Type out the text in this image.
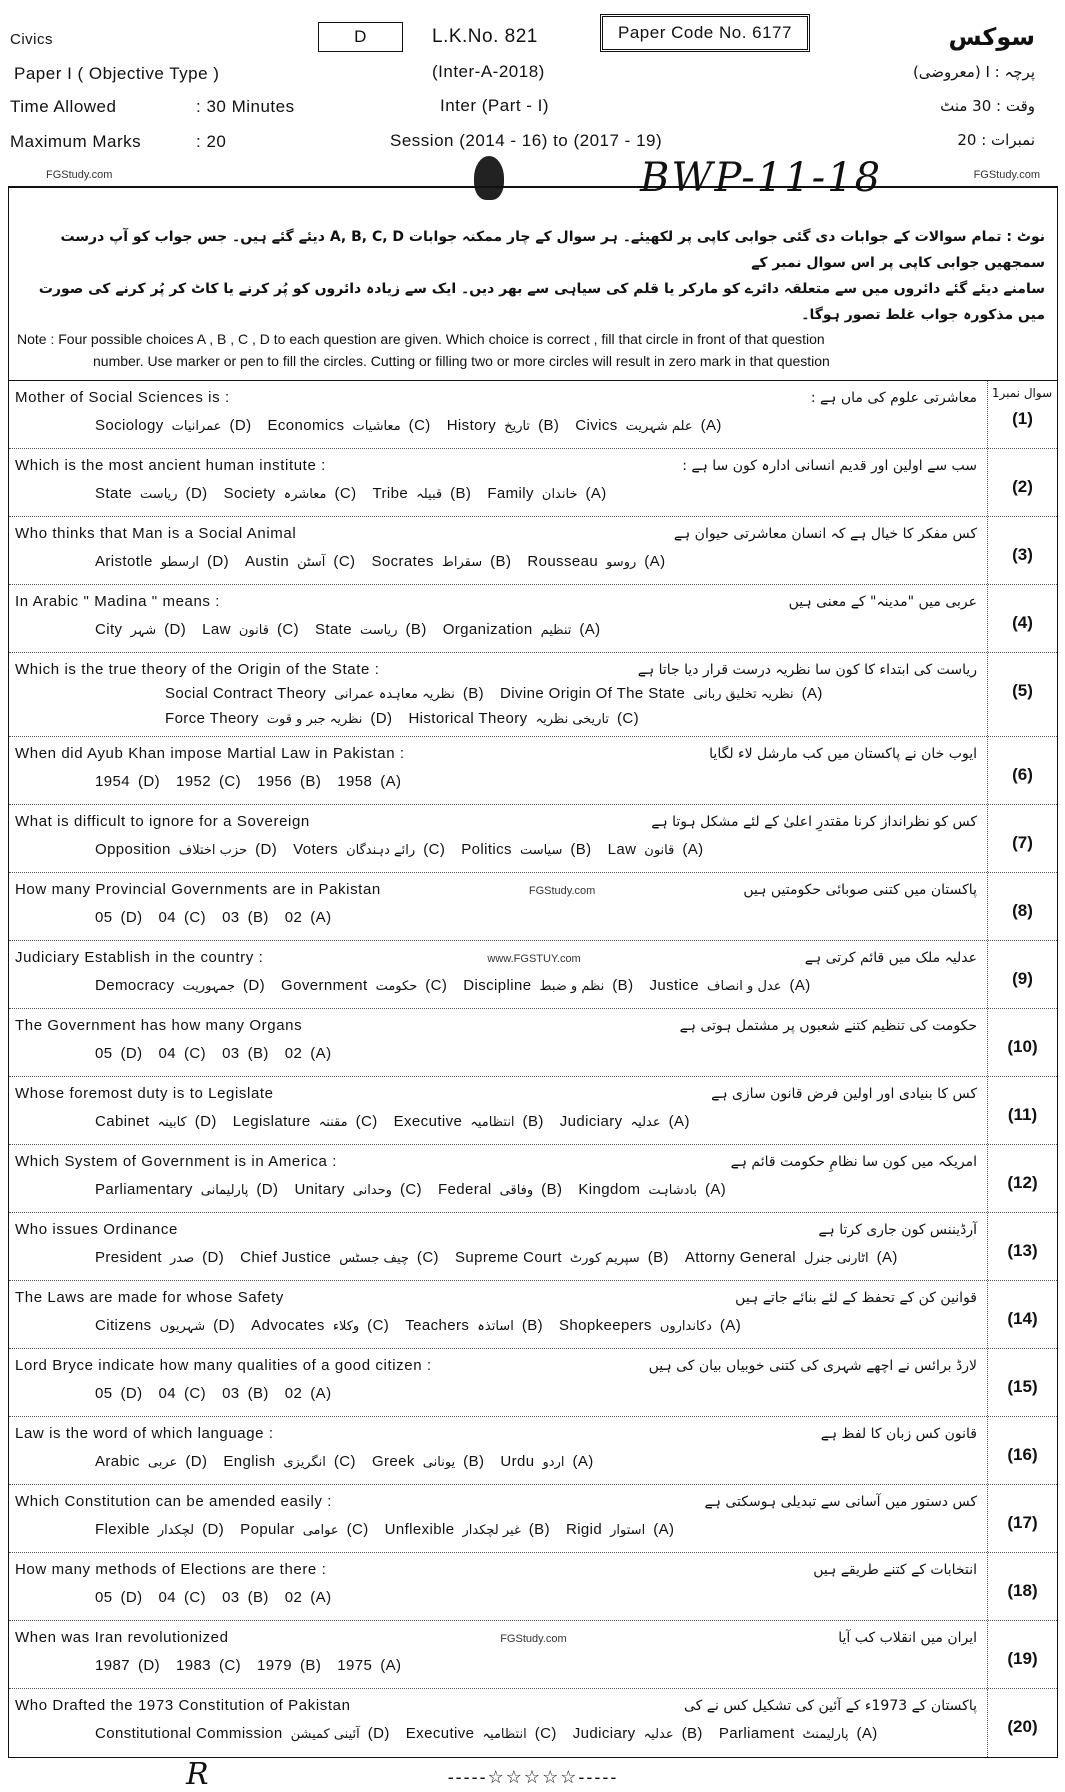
Civics	D	L.K.No. 821	Paper Code No. 6177	سوکس
Paper I ( Objective Type )	(Inter-A-2018)	پرچہ : I (معروضی)
Time Allowed	: 30 Minutes	Inter (Part - I)	وقت : 30 منٹ
Maximum Marks	: 20	Session (2014 - 16) to (2017 - 19)	نمبرات : 20
FGStudy.com	BWP-11-18	FGStudy.com
نوٹ : تمام سوالات کے جوابات دی گئی جوابی کاپی پر لکھیئے۔ ہر سوال کے چار ممکنہ جوابات A, B, C, D دیئے گئے ہیں۔ جس جواب کو آپ درست سمجھیں جوابی کاپی پر اس سوال نمبر کے
سامنے دیئے گئے دائروں میں سے متعلقہ دائرے کو مارکر یا قلم کی سیاہی سے بھر دیں۔ ایک سے زیادہ دائروں کو پُر کرنے یا کاٹ کر پُر کرنے کی صورت میں مذکورہ جواب غلط تصور ہوگا۔
Note : Four possible choices A , B , C , D to each question are given. Which choice is correct , fill that circle in front of that question
number. Use marker or pen to fill the circles. Cutting or filling two or more circles will result in zero mark in that question
سوال نمبر1
Mother of Social Sciences is :	معاشرتی علوم کی ماں ہے :
Sociology عمرانیات (D) Economics معاشیات (C) History تاریخ (B) Civics علم شہریت (A)	(1)
Which is the most ancient human institute :	سب سے اولین اور قدیم انسانی ادارہ کون سا ہے :
State ریاست (D) Society معاشرہ (C) Tribe قبیلہ (B) Family خاندان (A)	(2)
Who thinks that Man is a Social Animal	کس مفکر کا خیال ہے کہ انسان معاشرتی حیوان ہے
Aristotle ارسطو (D) Austin آسٹن (C) Socrates سقراط (B) Rousseau روسو (A)	(3)
In Arabic " Madina " means :	عربی میں "مدینہ" کے معنی ہیں
City شہر (D) Law قانون (C) State ریاست (B) Organization تنظیم (A)	(4)
Which is the true theory of the Origin of the State :	ریاست کی ابتداء کا کون سا نظریہ درست قرار دیا جاتا ہے
Social Contract Theory نظریہ معاہدہ عمرانی (B) Divine Origin Of The State نظریہ تخلیق ربانی (A)
Force Theory نظریہ جبر و قوت (D) Historical Theory تاریخی نظریہ (C)
(5)
When did Ayub Khan impose Martial Law in Pakistan :	ایوب خان نے پاکستان میں کب مارشل لاء لگایا
1954 (D) 1952 (C) 1956 (B) 1958 (A)	(6)
What is difficult to ignore for a Sovereign	کس کو نظرانداز کرنا مقتدرِ اعلیٰ کے لئے مشکل ہوتا ہے
Opposition حزب اختلاف (D) Voters رائے دہندگان (C) Politics سیاست (B) Law قانون (A)	(7)
How many Provincial Governments are in Pakistan	FGStudy.com	پاکستان میں کتنی صوبائی حکومتیں ہیں
05 (D) 04 (C) 03 (B) 02 (A)	(8)
Judiciary Establish in the country :	www.FGSTUY.com	عدلیہ ملک میں قائم کرتی ہے
Democracy جمہوریت (D) Government حکومت (C) Discipline نظم و ضبط (B) Justice عدل و انصاف (A)	(9)
The Government has how many Organs	حکومت کی تنظیم کتنے شعبوں پر مشتمل ہوتی ہے
05 (D) 04 (C) 03 (B) 02 (A)	(10)
Whose foremost duty is to Legislate	کس کا بنیادی اور اولین فرض قانون سازی ہے
Cabinet کابینہ (D) Legislature مقننہ (C) Executive انتظامیہ (B) Judiciary عدلیہ (A)	(11)
Which System of Government is in America :	امریکہ میں کون سا نظامِ حکومت قائم ہے
Parliamentary پارلیمانی (D) Unitary وحدانی (C) Federal وفاقی (B) Kingdom بادشاہت (A)	(12)
Who issues Ordinance	آرڈیننس کون جاری کرتا ہے
President صدر (D) Chief Justice چیف جسٹس (C) Supreme Court سپریم کورٹ (B) Attorny General اٹارنی جنرل (A)	(13)
The Laws are made for whose Safety	قوانین کن کے تحفظ کے لئے بنائے جاتے ہیں
Citizens شہریوں (D) Advocates وکلاء (C) Teachers اساتذہ (B) Shopkeepers دکانداروں (A)	(14)
Lord Bryce indicate how many qualities of a good citizen :	لارڈ برائس نے اچھے شہری کی کتنی خوبیاں بیان کی ہیں
05 (D) 04 (C) 03 (B) 02 (A)	(15)
Law is the word of which language :	قانون کس زبان کا لفظ ہے
Arabic عربی (D) English انگریزی (C) Greek یونانی (B) Urdu اردو (A)	(16)
Which Constitution can be amended easily :	کس دستور میں آسانی سے تبدیلی ہوسکتی ہے
Flexible لچکدار (D) Popular عوامی (C) Unflexible غیر لچکدار (B) Rigid استوار (A)	(17)
How many methods of Elections are there :	انتخابات کے کتنے طریقے ہیں
05 (D) 04 (C) 03 (B) 02 (A)	(18)
When was Iran revolutionized	FGStudy.com	ایران میں انقلاب کب آیا
1987 (D) 1983 (C) 1979 (B) 1975 (A)	(19)
Who Drafted the 1973 Constitution of Pakistan	پاکستان کے 1973ء کے آئین کی تشکیل کس نے کی
Constitutional Commission آئینی کمیشن (D) Executive انتظامیہ (C) Judiciary عدلیہ (B) Parliament پارلیمنٹ (A)	(20)
-----☆☆☆☆☆-----
R
